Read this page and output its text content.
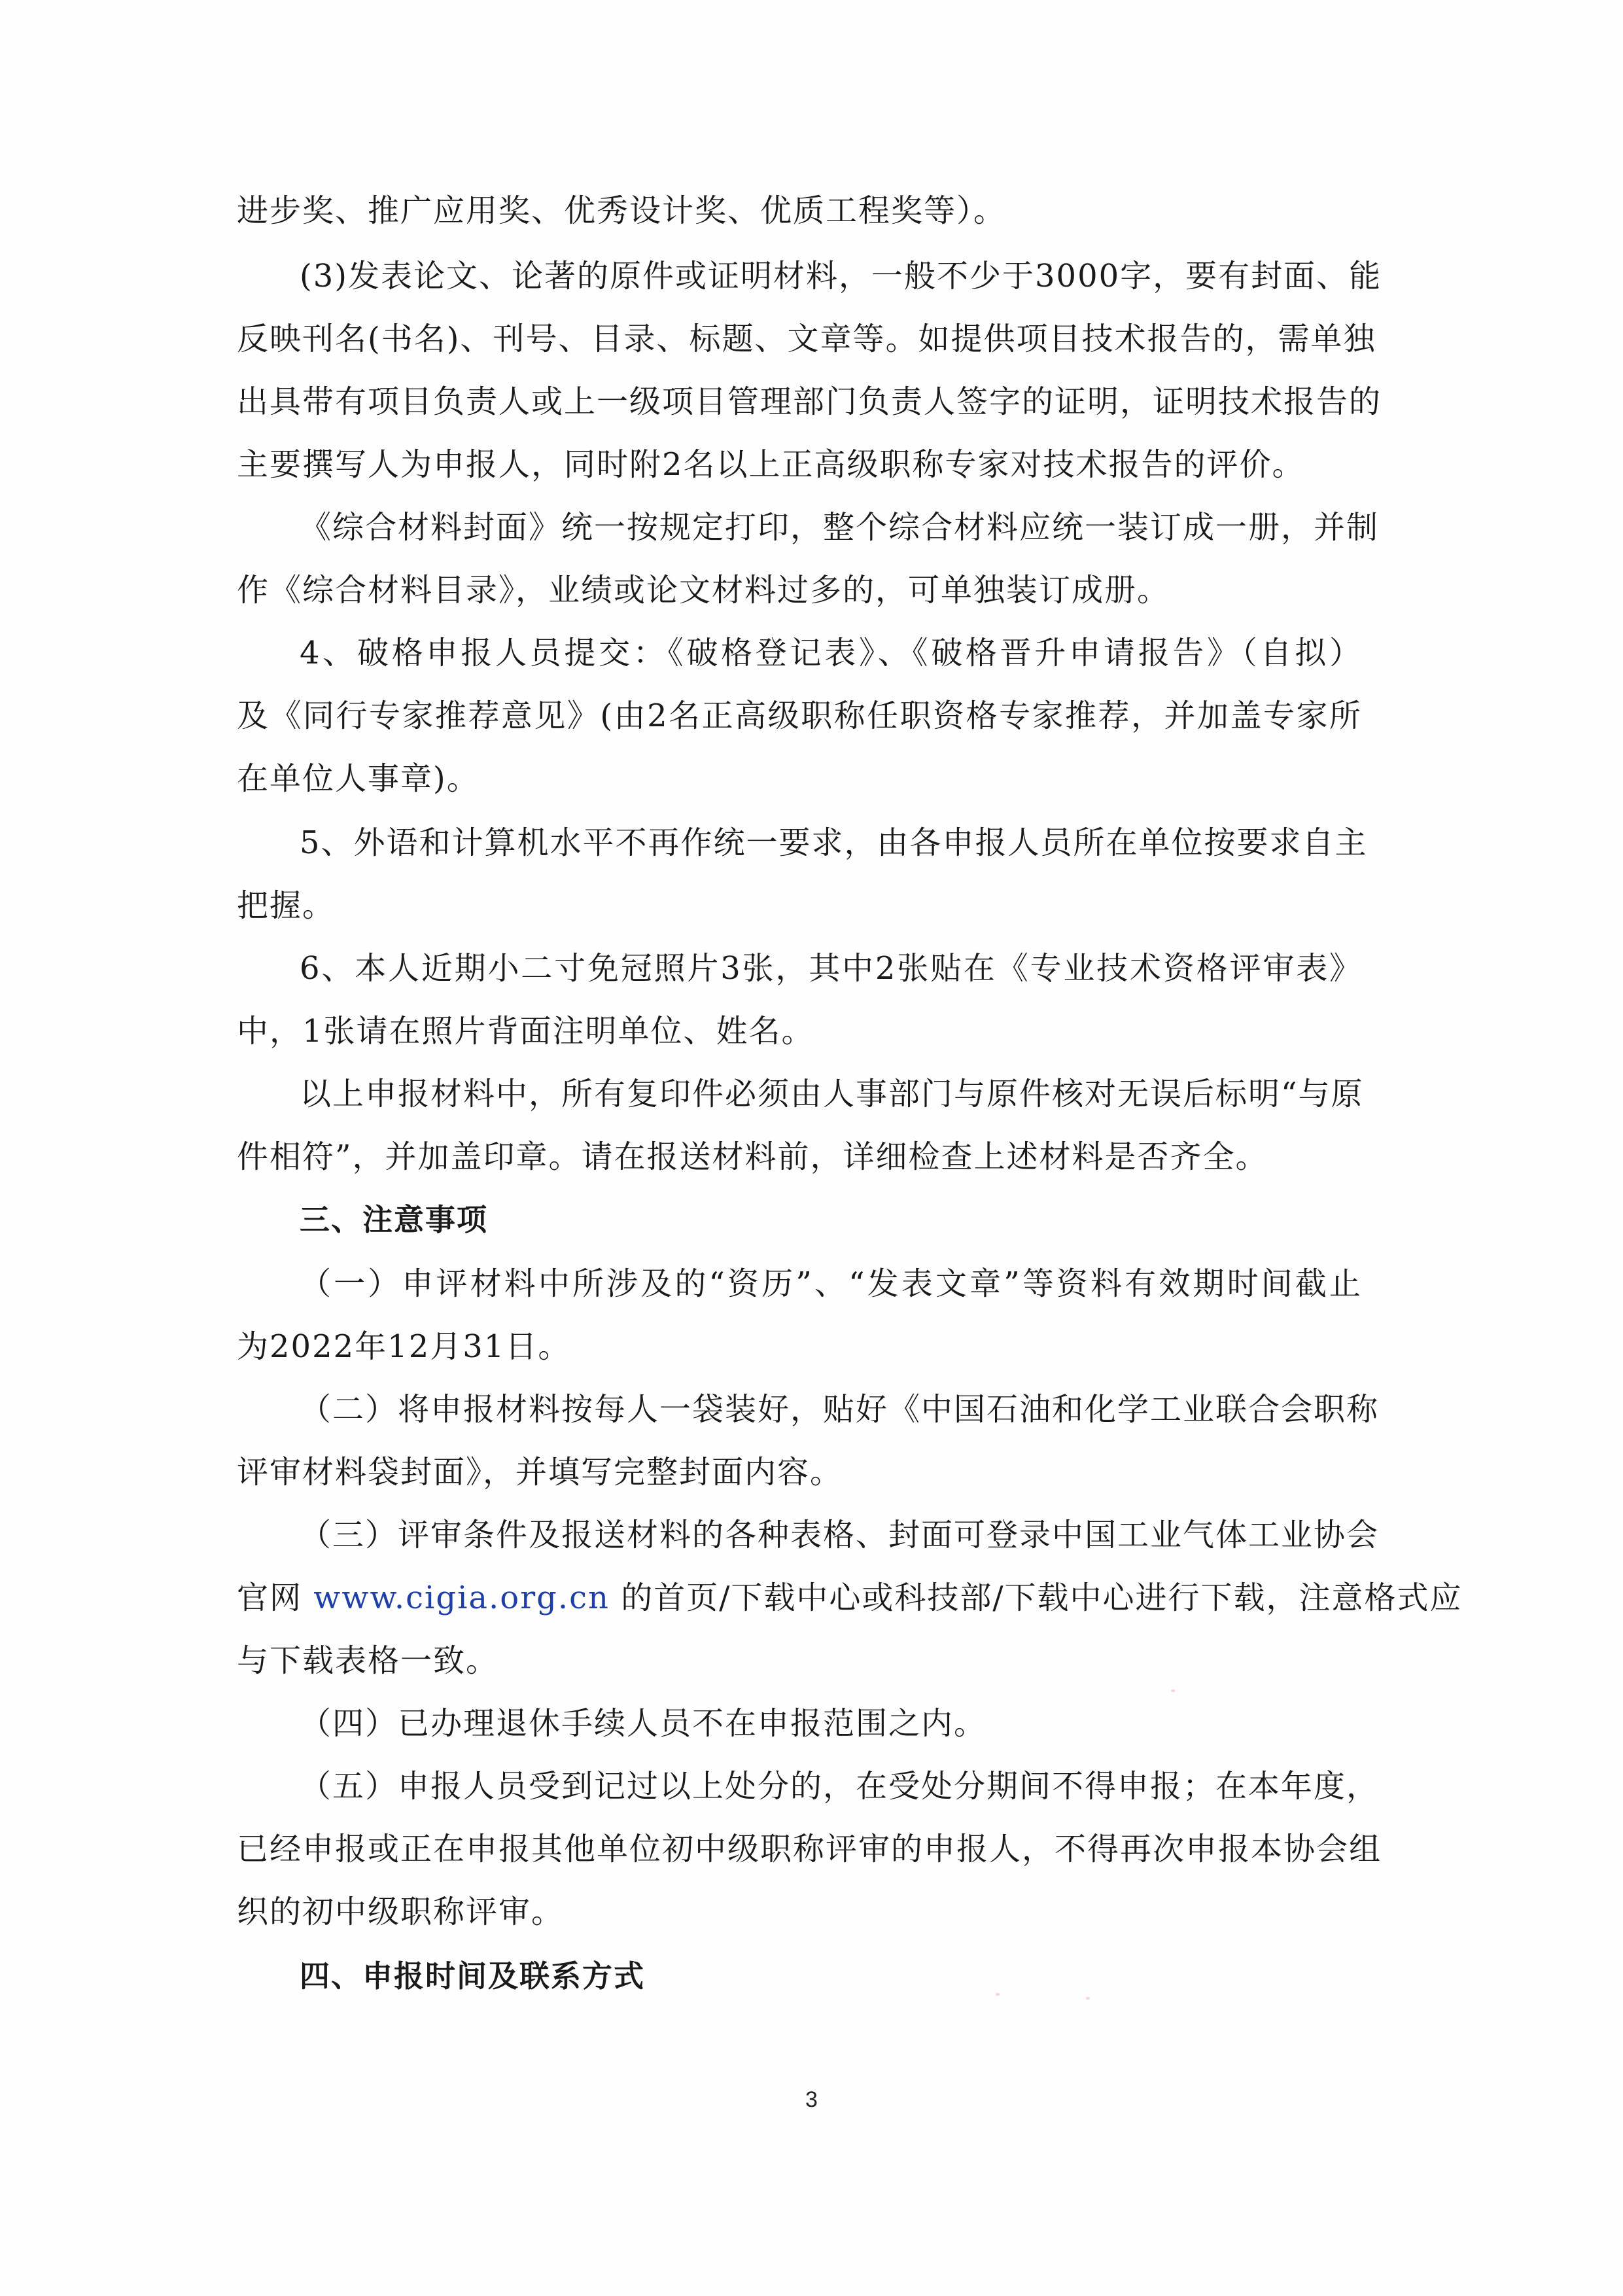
进步奖、推广应用奖、优秀设计奖、优质工程奖等）。
(3)发表论文、论著的原件或证明材料，一般不少于3000字，要有封面、能
反映刊名(书名)、刊号、目录、标题、文章等。如提供项目技术报告的，需单独
出具带有项目负责人或上一级项目管理部门负责人签字的证明，证明技术报告的
主要撰写人为申报人，同时附2名以上正高级职称专家对技术报告的评价。
《综合材料封面》统一按规定打印，整个综合材料应统一装订成一册，并制
作《综合材料目录》，业绩或论文材料过多的，可单独装订成册。
4、破格申报人员提交：《破格登记表》、《破格晋升申请报告》（自拟）
及《同行专家推荐意见》(由2名正高级职称任职资格专家推荐，并加盖专家所
在单位人事章)。
5、外语和计算机水平不再作统一要求，由各申报人员所在单位按要求自主
把握。
6、本人近期小二寸免冠照片3张，其中2张贴在《专业技术资格评审表》
中，1张请在照片背面注明单位、姓名。
以上申报材料中，所有复印件必须由人事部门与原件核对无误后标明“与原
件相符”，并加盖印章。请在报送材料前，详细检查上述材料是否齐全。
三、注意事项
（一）申评材料中所涉及的“资历”、“发表文章”等资料有效期时间截止
为2022年12月31日。
（二）将申报材料按每人一袋装好，贴好《中国石油和化学工业联合会职称
评审材料袋封面》，并填写完整封面内容。
（三）评审条件及报送材料的各种表格、封面可登录中国工业气体工业协会
官网 www.cigia.org.cn 的首页/下载中心或科技部/下载中心进行下载，注意格式应
与下载表格一致。
（四）已办理退休手续人员不在申报范围之内。
（五）申报人员受到记过以上处分的，在受处分期间不得申报；在本年度，
已经申报或正在申报其他单位初中级职称评审的申报人，不得再次申报本协会组
织的初中级职称评审。
四、申报时间及联系方式
3
